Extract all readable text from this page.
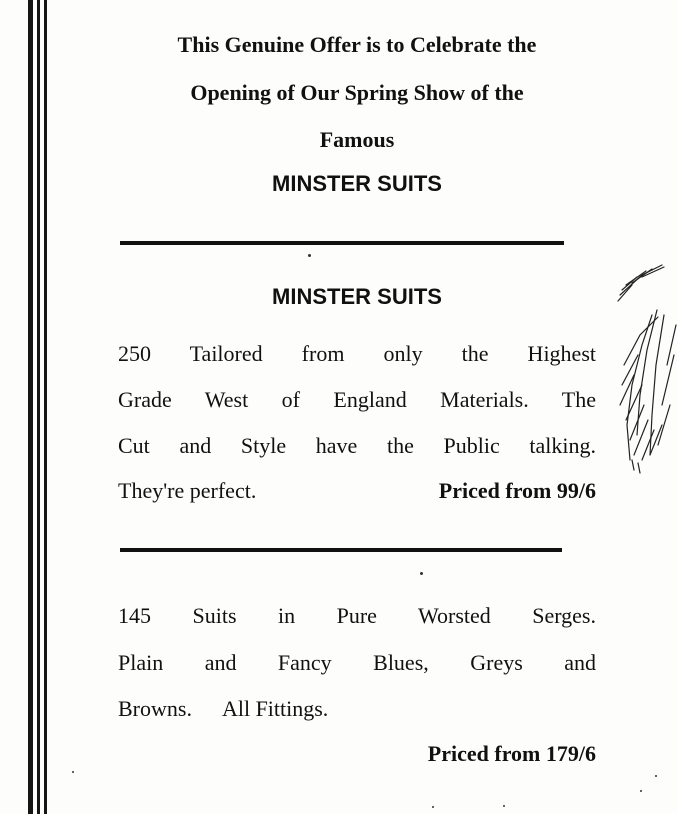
This Genuine Offer is to Celebrate the

Opening of Our Spring Show of the

Famous

MINSTER SUITS

MINSTER SUITS

250 Tailored from only the Highest

Grade West of England Materials. The

Cut and Style have the Public talking.

They're perfect.	Priced from 99/6

145 Suits in Pure Worsted Serges.

Plain and Fancy Blues, Greys and

Browns. All Fittings.

Priced from 179/6
